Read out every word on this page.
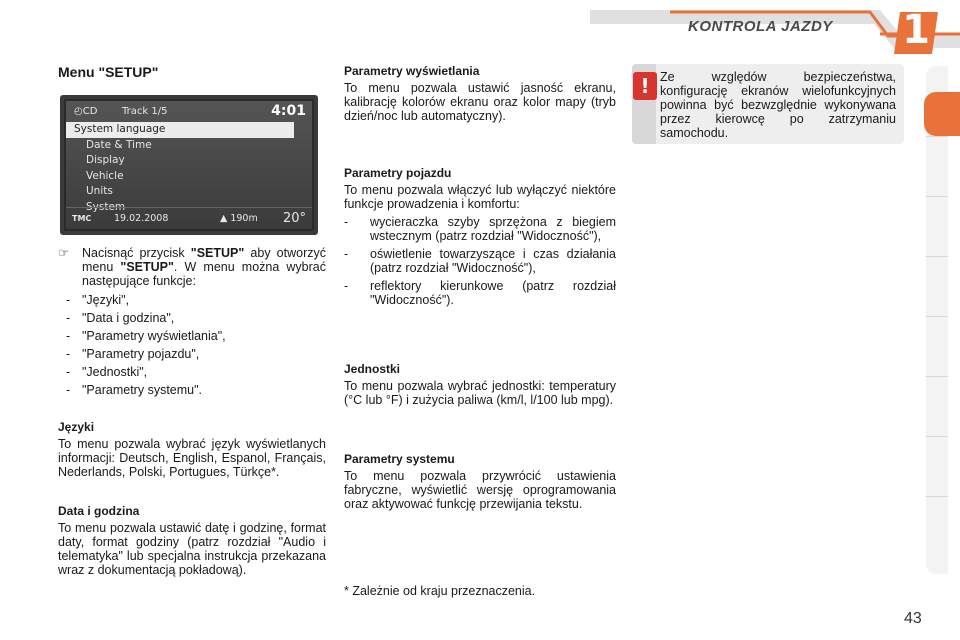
KONTROLA JAZDY 1
Menu "SETUP"
◴CD	Track 1/5	4:01
System language
Date & Time
Display
Vehicle
Units
System
TMC	19.02.2008	▲ 190m	20°
☞ Nacisnąć przycisk "SETUP" aby otworzyć menu "SETUP". W menu można wybrać następujące funkcje:

- "Języki",
- "Data i godzina",
- "Parametry wyświetlania",
- "Parametry pojazdu",
- "Jednostki",
- "Parametry systemu".
Języki

To menu pozwala wybrać język wyświetlanych informacji: Deutsch, English, Espanol, Français, Nederlands, Polski, Portugues, Türkçe*.

Data i godzina

To menu pozwala ustawić datę i godzinę, format daty, format godziny (patrz rozdział "Audio i telematyka" lub specjalna instrukcja przekazana wraz z dokumentacją pokładową).

Parametry wyświetlania

To menu pozwala ustawić jasność ekranu, kalibrację kolorów ekranu oraz kolor mapy (tryb dzień/noc lub automatyczny).

Parametry pojazdu

To menu pozwala włączyć lub wyłączyć niektóre funkcje prowadzenia i komfortu:

- wycieraczka szyby sprzężona z biegiem wstecznym (patrz rozdział "Widoczność"),

- oświetlenie towarzyszące i czas działania (patrz rozdział "Widoczność"),

- reflektory kierunkowe (patrz rozdział "Widoczność").

Jednostki

To menu pozwala wybrać jednostki: temperatury (°C lub °F) i zużycia paliwa (km/l, l/100 lub mpg).

Parametry systemu

To menu pozwala przywrócić ustawienia fabryczne, wyświetlić wersję oprogramowania oraz aktywować funkcję przewijania tekstu.

* Zależnie od kraju przeznaczenia.
! Ze względów bezpieczeństwa, konfigurację ekranów wielofunkcyjnych powinna być bezwzględnie wykonywana przez kierowcę po zatrzymaniu samochodu.

43
